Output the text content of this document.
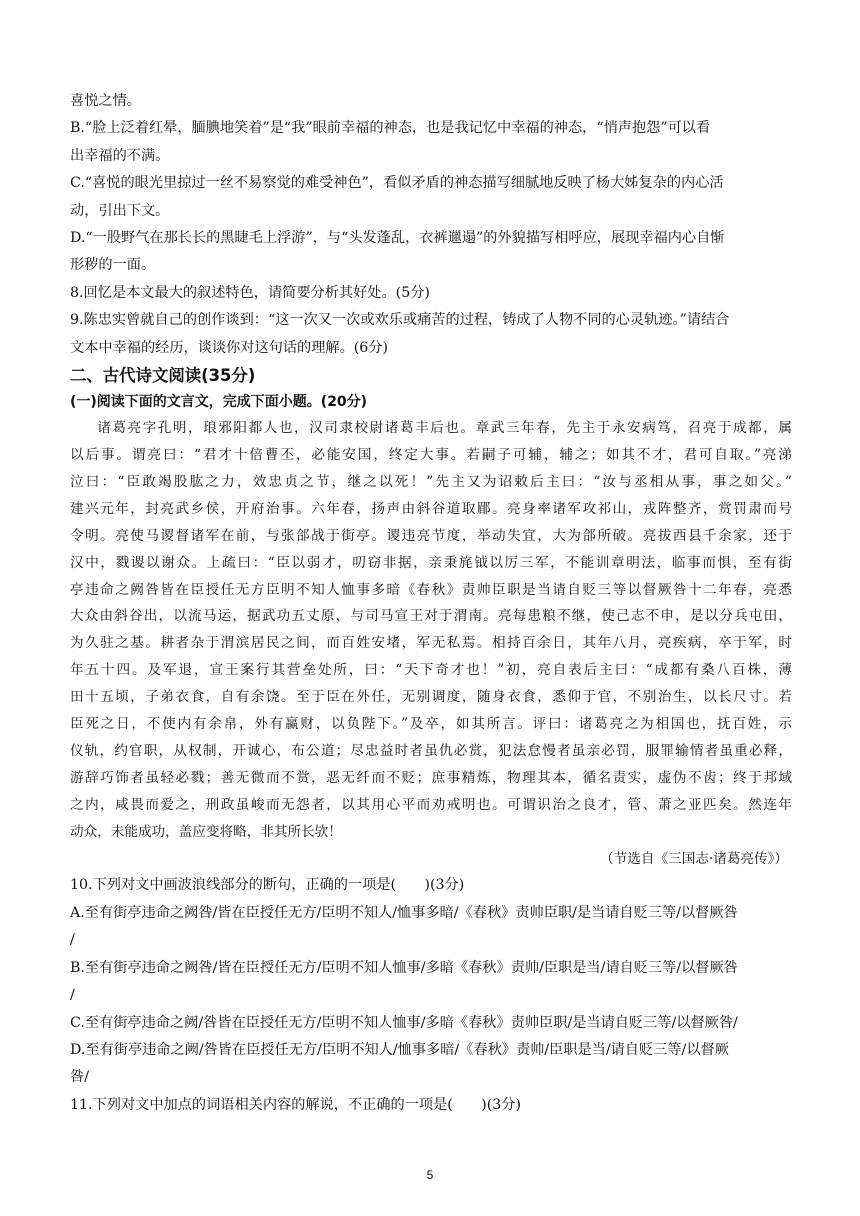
喜悦之情。
B.“脸上泛着红晕，腼腆地笑着”是“我”眼前幸福的神态，也是我记忆中幸福的神态，“悄声抱怨”可以看
出幸福的不满。
C.“喜悦的眼光里掠过一丝不易察觉的难受神色”，看似矛盾的神态描写细腻地反映了杨大姊复杂的内心活
动，引出下文。
D.“一股野气在那长长的黑睫毛上浮游”，与“头发蓬乱，衣裤邋遢”的外貌描写相呼应，展现幸福内心自惭
形秽的一面。
8.回忆是本文最大的叙述特色，请简要分析其好处。(5分)
9.陈忠实曾就自己的创作谈到：“这一次又一次或欢乐或痛苦的过程，铸成了人物不同的心灵轨迹。”请结合
文本中幸福的经历，谈谈你对这句话的理解。(6分)
二、古代诗文阅读(35分)
(一)阅读下面的文言文，完成下面小题。(20分)
诸葛亮字孔明，琅邪阳都人也，汉司隶校尉诸葛丰后也。章武三年春，先主于永安病笃，召亮于成都，属
以后事。谓亮曰：“君才十倍曹丕，必能安国，终定大事。若嗣子可辅，辅之；如其不才，君可自取。”亮涕
泣曰：“臣敢竭股肱之力，效忠贞之节，继之以死！”先主又为诏敕后主曰：“汝与丞相从事，事之如父。”
建兴元年，封亮武乡侯，开府治事。六年春，扬声由斜谷道取郿。亮身率诸军攻祁山，戎阵整齐，赏罚肃而号
令明。亮使马谡督诸军在前，与张郃战于街亭。谡违亮节度，举动失宜，大为郃所破。亮拔西县千余家，还于
汉中，戮谡以谢众。上疏曰：“臣以弱才，叨窃非据，亲秉旄钺以厉三军，不能训章明法，临事而惧，至有街
亭违命之阙咎皆在臣授任无方臣明不知人恤事多暗《春秋》责帅臣职是当请自贬三等以督厥咎十二年春，亮悉
大众由斜谷出，以流马运，据武功五丈原，与司马宣王对于渭南。亮每患粮不继，使己志不申，是以分兵屯田，
为久驻之基。耕者杂于渭滨居民之间，而百姓安堵，军无私焉。相持百余日，其年八月，亮疾病，卒于军，时
年五十四。及军退，宣王案行其营垒处所，曰：“天下奇才也！”初，亮自表后主曰：“成都有桑八百株，薄
田十五顷，子弟衣食，自有余饶。至于臣在外任，无别调度，随身衣食，悉仰于官，不别治生，以长尺寸。若
臣死之日，不使内有余帛，外有赢财，以负陛下。”及卒，如其所言。评曰：诸葛亮之为相国也，抚百姓，示
仪轨，约官职，从权制，开诚心，布公道；尽忠益时者虽仇必赏，犯法怠慢者虽亲必罚，服罪输情者虽重必释，
游辞巧饰者虽轻必戮；善无微而不赏，恶无纤而不贬；庶事精炼，物理其本，循名责实，虚伪不齿；终于邦域
之内，咸畏而爱之，刑政虽峻而无怨者，以其用心平而劝戒明也。可谓识治之良才，管、萧之亚匹矣。然连年
动众，未能成功，盖应变将略，非其所长欤！
（节选自《三国志·诸葛亮传》）
10.下列对文中画波浪线部分的断句，正确的一项是(　　)(3分)
A.至有街亭违命之阙咎/皆在臣授任无方/臣明不知人/恤事多暗/《春秋》责帅臣职/是当请自贬三等/以督厥咎
/
B.至有街亭违命之阙咎/皆在臣授任无方/臣明不知人恤事/多暗《春秋》责帅/臣职是当/请自贬三等/以督厥咎
/
C.至有街亭违命之阙/咎皆在臣授任无方/臣明不知人恤事/多暗《春秋》责帅臣职/是当请自贬三等/以督厥咎/
D.至有街亭违命之阙/咎皆在臣授任无方/臣明不知人/恤事多暗/《春秋》责帅/臣职是当/请自贬三等/以督厥
咎/
11.下列对文中加点的词语相关内容的解说，不正确的一项是(　　)(3分)
5
